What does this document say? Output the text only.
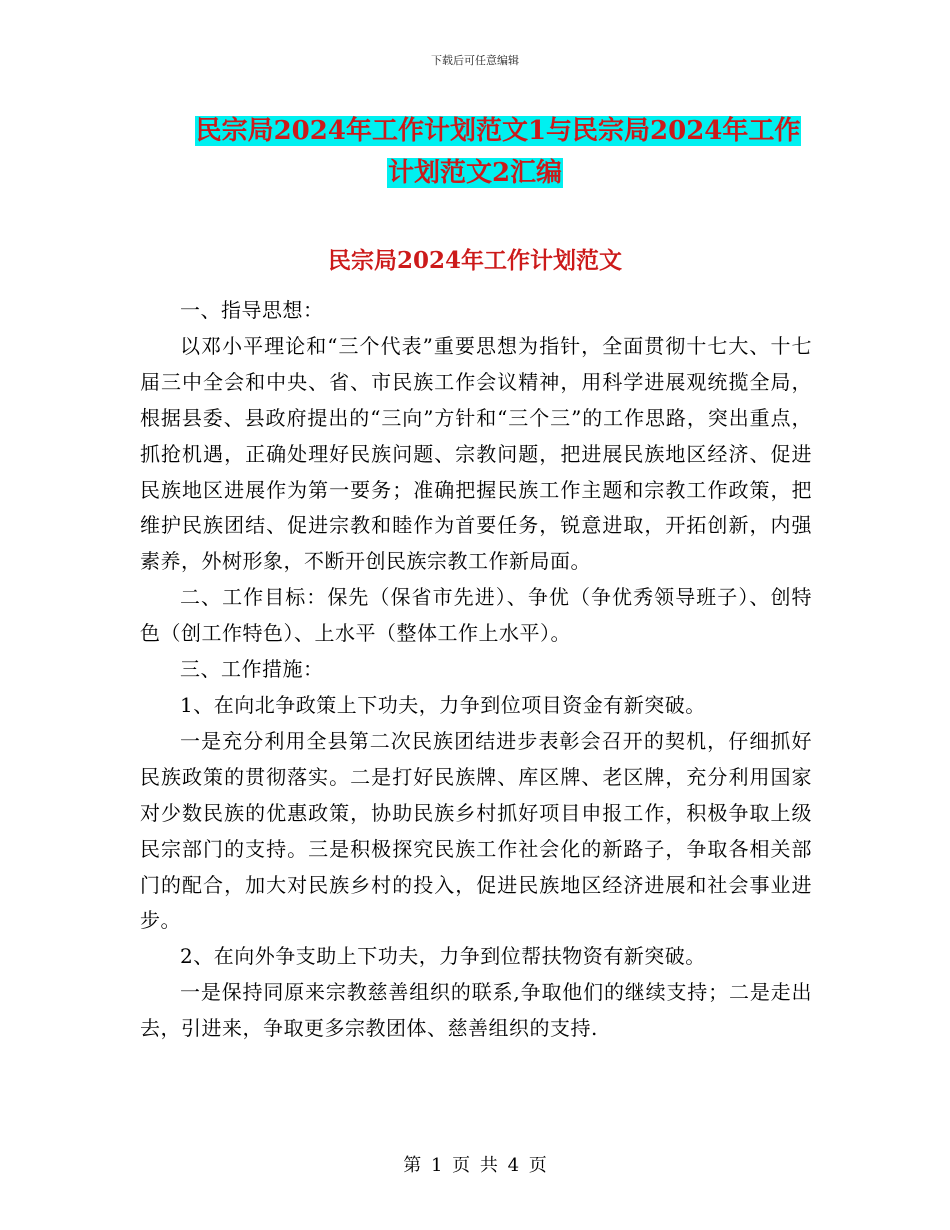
下载后可任意编辑
民宗局2024年工作计划范文1与民宗局2024年工作
计划范文2汇编
民宗局2024年工作计划范文

一、指导思想：

以邓小平理论和“三个代表”重要思想为指针，全面贯彻十七大、十七届三中全会和中央、省、市民族工作会议精神，用科学进展观统揽全局，根据县委、县政府提出的“三向”方针和“三个三”的工作思路，突出重点，抓抢机遇，正确处理好民族问题、宗教问题，把进展民族地区经济、促进民族地区进展作为第一要务；准确把握民族工作主题和宗教工作政策，把维护民族团结、促进宗教和睦作为首要任务，锐意进取，开拓创新，内强素养，外树形象，不断开创民族宗教工作新局面。

二、工作目标：保先（保省市先进）、争优（争优秀领导班子）、创特色（创工作特色）、上水平（整体工作上水平）。

三、工作措施：

1、在向北争政策上下功夫，力争到位项目资金有新突破。

一是充分利用全县第二次民族团结进步表彰会召开的契机，仔细抓好民族政策的贯彻落实。二是打好民族牌、库区牌、老区牌，充分利用国家对少数民族的优惠政策，协助民族乡村抓好项目申报工作，积极争取上级民宗部门的支持。三是积极探究民族工作社会化的新路子，争取各相关部门的配合，加大对民族乡村的投入，促进民族地区经济进展和社会事业进步。

2、在向外争支助上下功夫，力争到位帮扶物资有新突破。

一是保持同原来宗教慈善组织的联系,争取他们的继续支持；二是走出去，引进来，争取更多宗教团体、慈善组织的支持.

第 1 页 共 4 页
